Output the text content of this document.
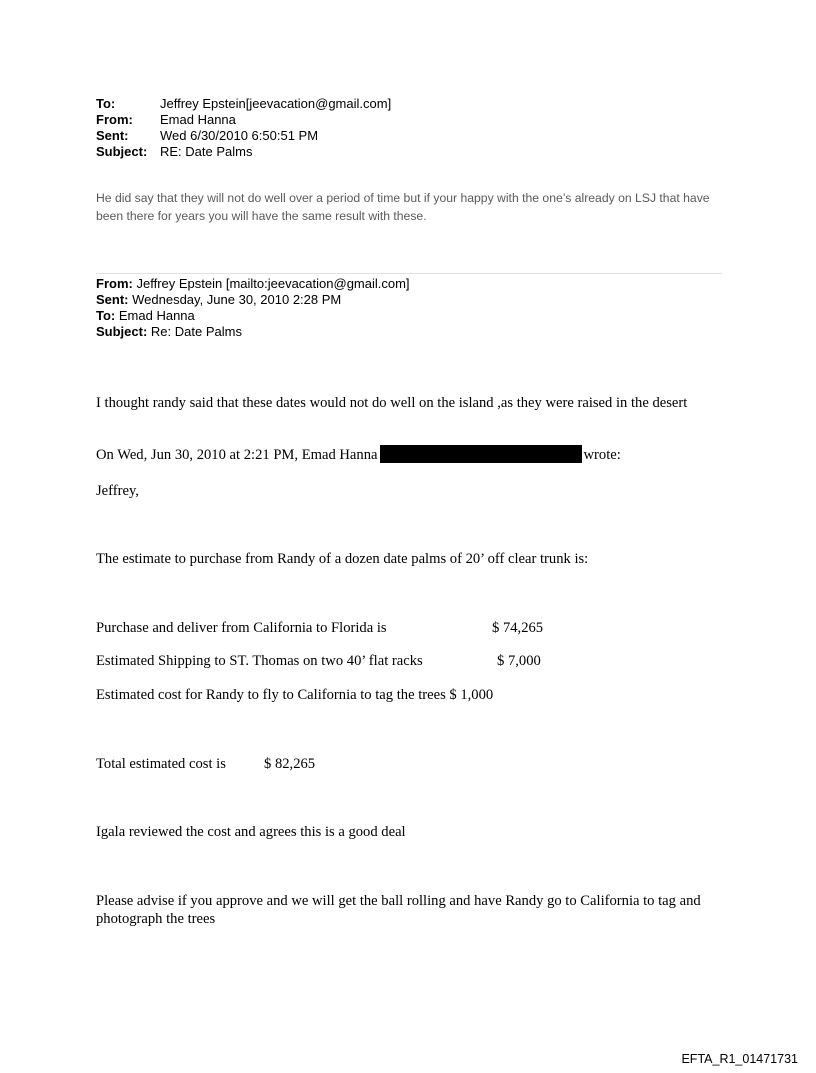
To:	Jeffrey Epstein[jeevacation@gmail.com]
From:	Emad Hanna
Sent:	Wed 6/30/2010 6:50:51 PM
Subject: RE: Date Palms
He did say that they will not do well over a period of time but if your happy with the one’s already on LSJ that have been there for years you will have the same result with these.
From: Jeffrey Epstein [mailto:jeevacation@gmail.com]
Sent: Wednesday, June 30, 2010 2:28 PM
To: Emad Hanna
Subject: Re: Date Palms
I thought randy said that these dates would not do well on the island ,as they were raised in the desert
On Wed, Jun 30, 2010 at 2:21 PM, Emad Hanna	wrote:
Jeffrey,
The estimate to purchase from Randy of a dozen date palms of 20’ off clear trunk is:
Purchase and deliver from California to Florida is	$ 74,265
Estimated Shipping to ST. Thomas on two 40’ flat racks	$ 7,000
Estimated cost for Randy to fly to California to tag the trees $ 1,000
Total estimated cost is	$ 82,265
Igala reviewed the cost and agrees this is a good deal
Please advise if you approve and we will get the ball rolling and have Randy go to California to tag and photograph the trees
EFTA_R1_01471731
